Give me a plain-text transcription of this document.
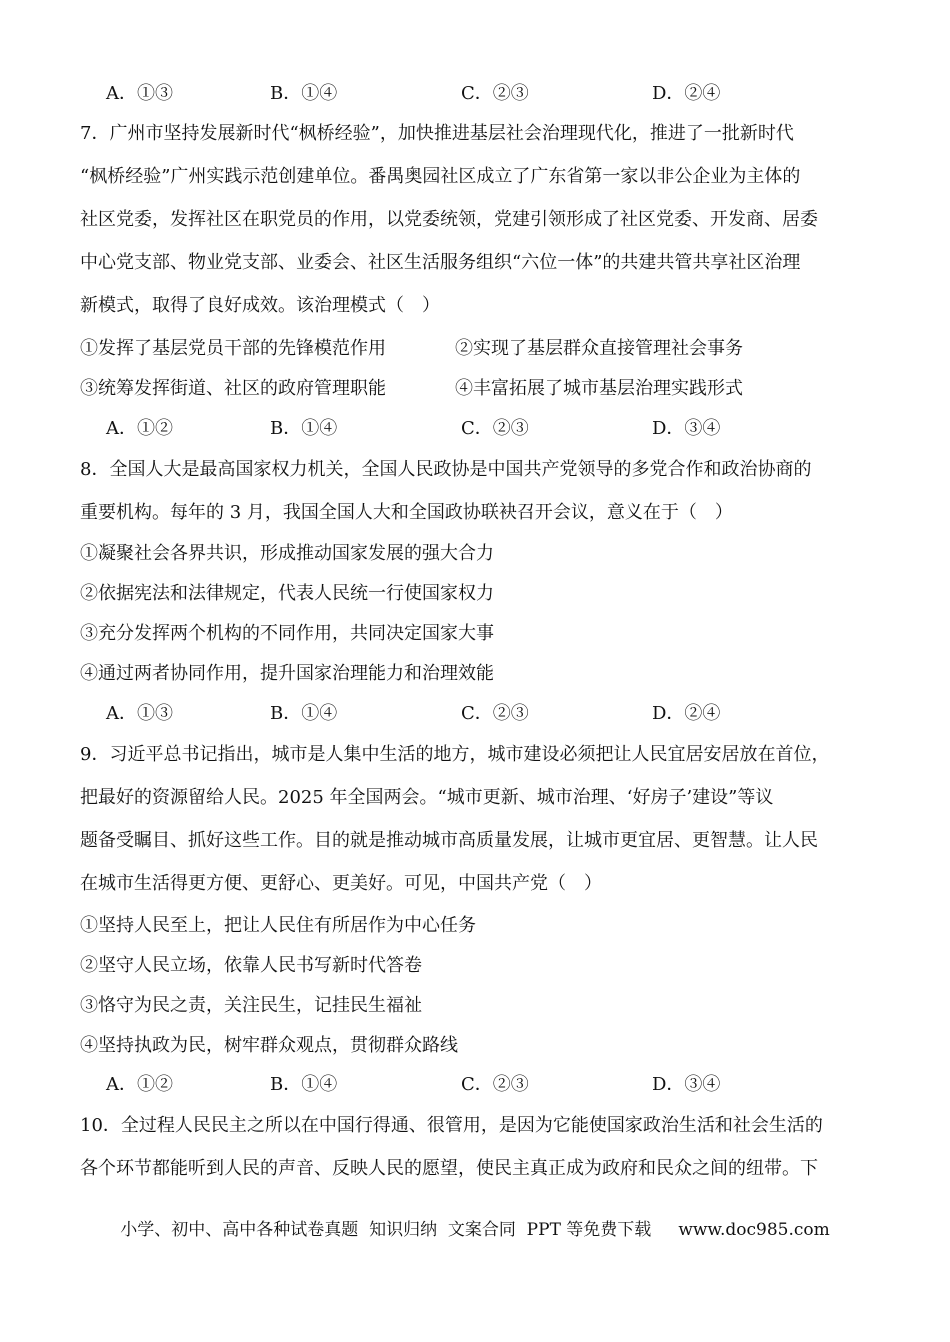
A．①③	B．①④	C．②③	D．②④
7．广州市坚持发展新时代“枫桥经验”，加快推进基层社会治理现代化，推进了一批新时代
“枫桥经验”广州实践示范创建单位。番禺奥园社区成立了广东省第一家以非公企业为主体的
社区党委，发挥社区在职党员的作用，以党委统领，党建引领形成了社区党委、开发商、居委
中心党支部、物业党支部、业委会、社区生活服务组织“六位一体”的共建共管共享社区治理
新模式，取得了良好成效。该治理模式（　）
①发挥了基层党员干部的先锋模范作用	②实现了基层群众直接管理社会事务
③统筹发挥街道、社区的政府管理职能	④丰富拓展了城市基层治理实践形式
A．①②	B．①④	C．②③	D．③④
8．全国人大是最高国家权力机关，全国人民政协是中国共产党领导的多党合作和政治协商的
重要机构。每年的 3 月，我国全国人大和全国政协联袂召开会议，意义在于（　）
①凝聚社会各界共识，形成推动国家发展的强大合力
②依据宪法和法律规定，代表人民统一行使国家权力
③充分发挥两个机构的不同作用，共同决定国家大事
④通过两者协同作用，提升国家治理能力和治理效能
A．①③	B．①④	C．②③	D．②④
9．习近平总书记指出，城市是人集中生活的地方，城市建设必须把让人民宜居安居放在首位，
把最好的资源留给人民。2025 年全国两会。“城市更新、城市治理、‘好房子’建设”等议
题备受瞩目、抓好这些工作。目的就是推动城市高质量发展，让城市更宜居、更智慧。让人民
在城市生活得更方便、更舒心、更美好。可见，中国共产党（　）
①坚持人民至上，把让人民住有所居作为中心任务
②坚守人民立场，依靠人民书写新时代答卷
③恪守为民之责，关注民生，记挂民生福祉
④坚持执政为民，树牢群众观点，贯彻群众路线
A．①②	B．①④	C．②③	D．③④
10．全过程人民民主之所以在中国行得通、很管用，是因为它能使国家政治生活和社会生活的
各个环节都能听到人民的声音、反映人民的愿望，使民主真正成为政府和民众之间的纽带。下
小学、初中、高中各种试卷真题  知识归纳  文案合同  PPT 等免费下载     www.doc985.com
